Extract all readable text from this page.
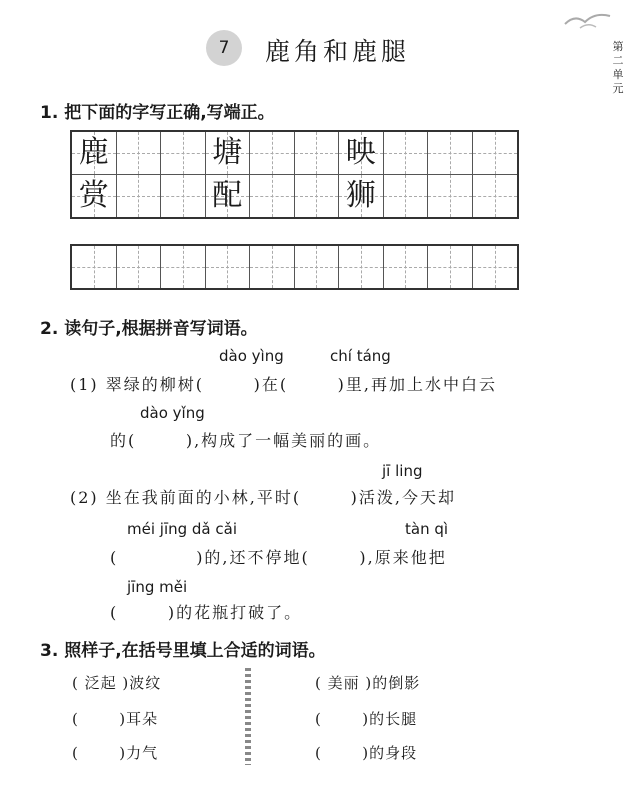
7	鹿角和鹿腿	第二单元
1. 把下面的字写正确,写端正。
鹿	塘	映
赏	配	狮
2. 读句子,根据拼音写词语。
dào yìng	chí táng
(1) 翠绿的柳树(       )在(       )里,再加上水中白云
dào yǐng
的(       ),构成了一幅美丽的画。
jī ling
(2) 坐在我前面的小林,平时(       )活泼,今天却
méi jīng dǎ cǎi	tàn qì
(           )的,还不停地(       ),原来他把
jīng měi
(       )的花瓶打破了。
3. 照样子,在括号里填上合适的词语。
( 泛起 )波纹
(       )耳朵
(       )力气
( 美丽 )的倒影
(       )的长腿
(       )的身段
